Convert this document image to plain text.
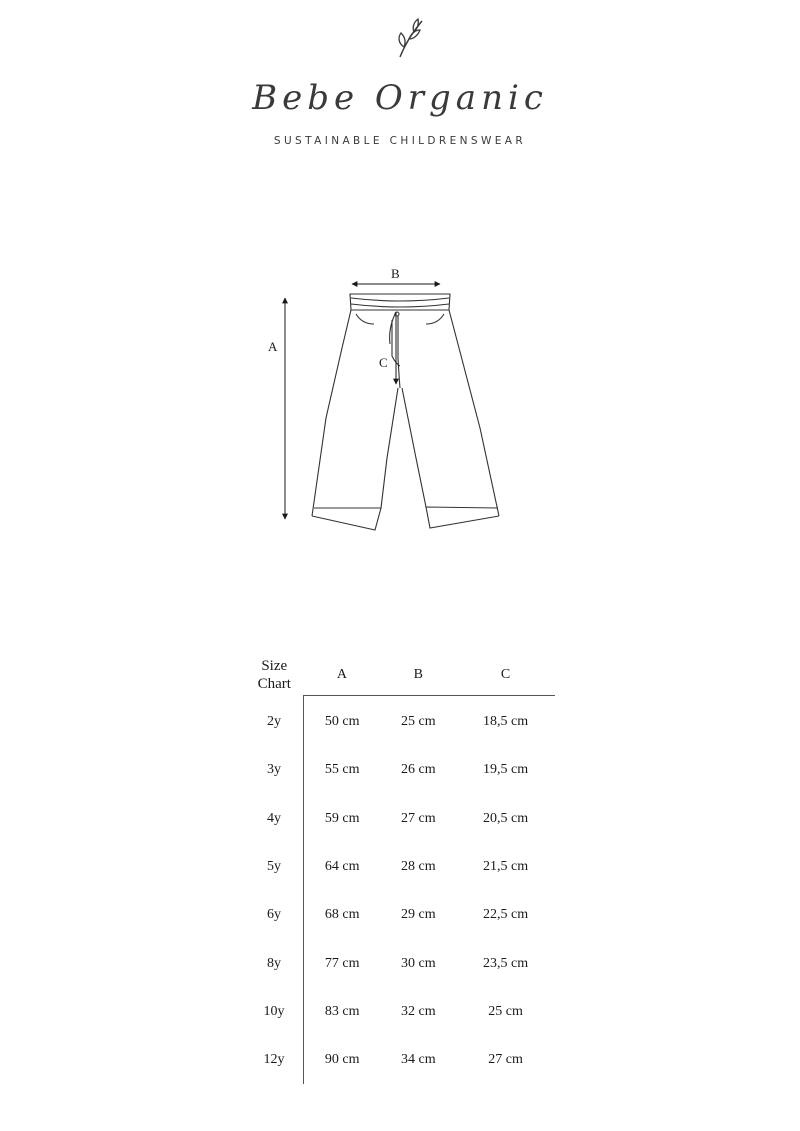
Bebe Organic
SUSTAINABLE CHILDRENSWEAR
A
B
C
Size
Chart	A	B	C
2y	50 cm	25 cm	18,5 cm
3y	55 cm	26 cm	19,5 cm
4y	59 cm	27 cm	20,5 cm
5y	64 cm	28 cm	21,5 cm
6y	68 cm	29 cm	22,5 cm
8y	77 cm	30 cm	23,5 cm
10y	83 cm	32 cm	25 cm
12y	90 cm	34 cm	27 cm
